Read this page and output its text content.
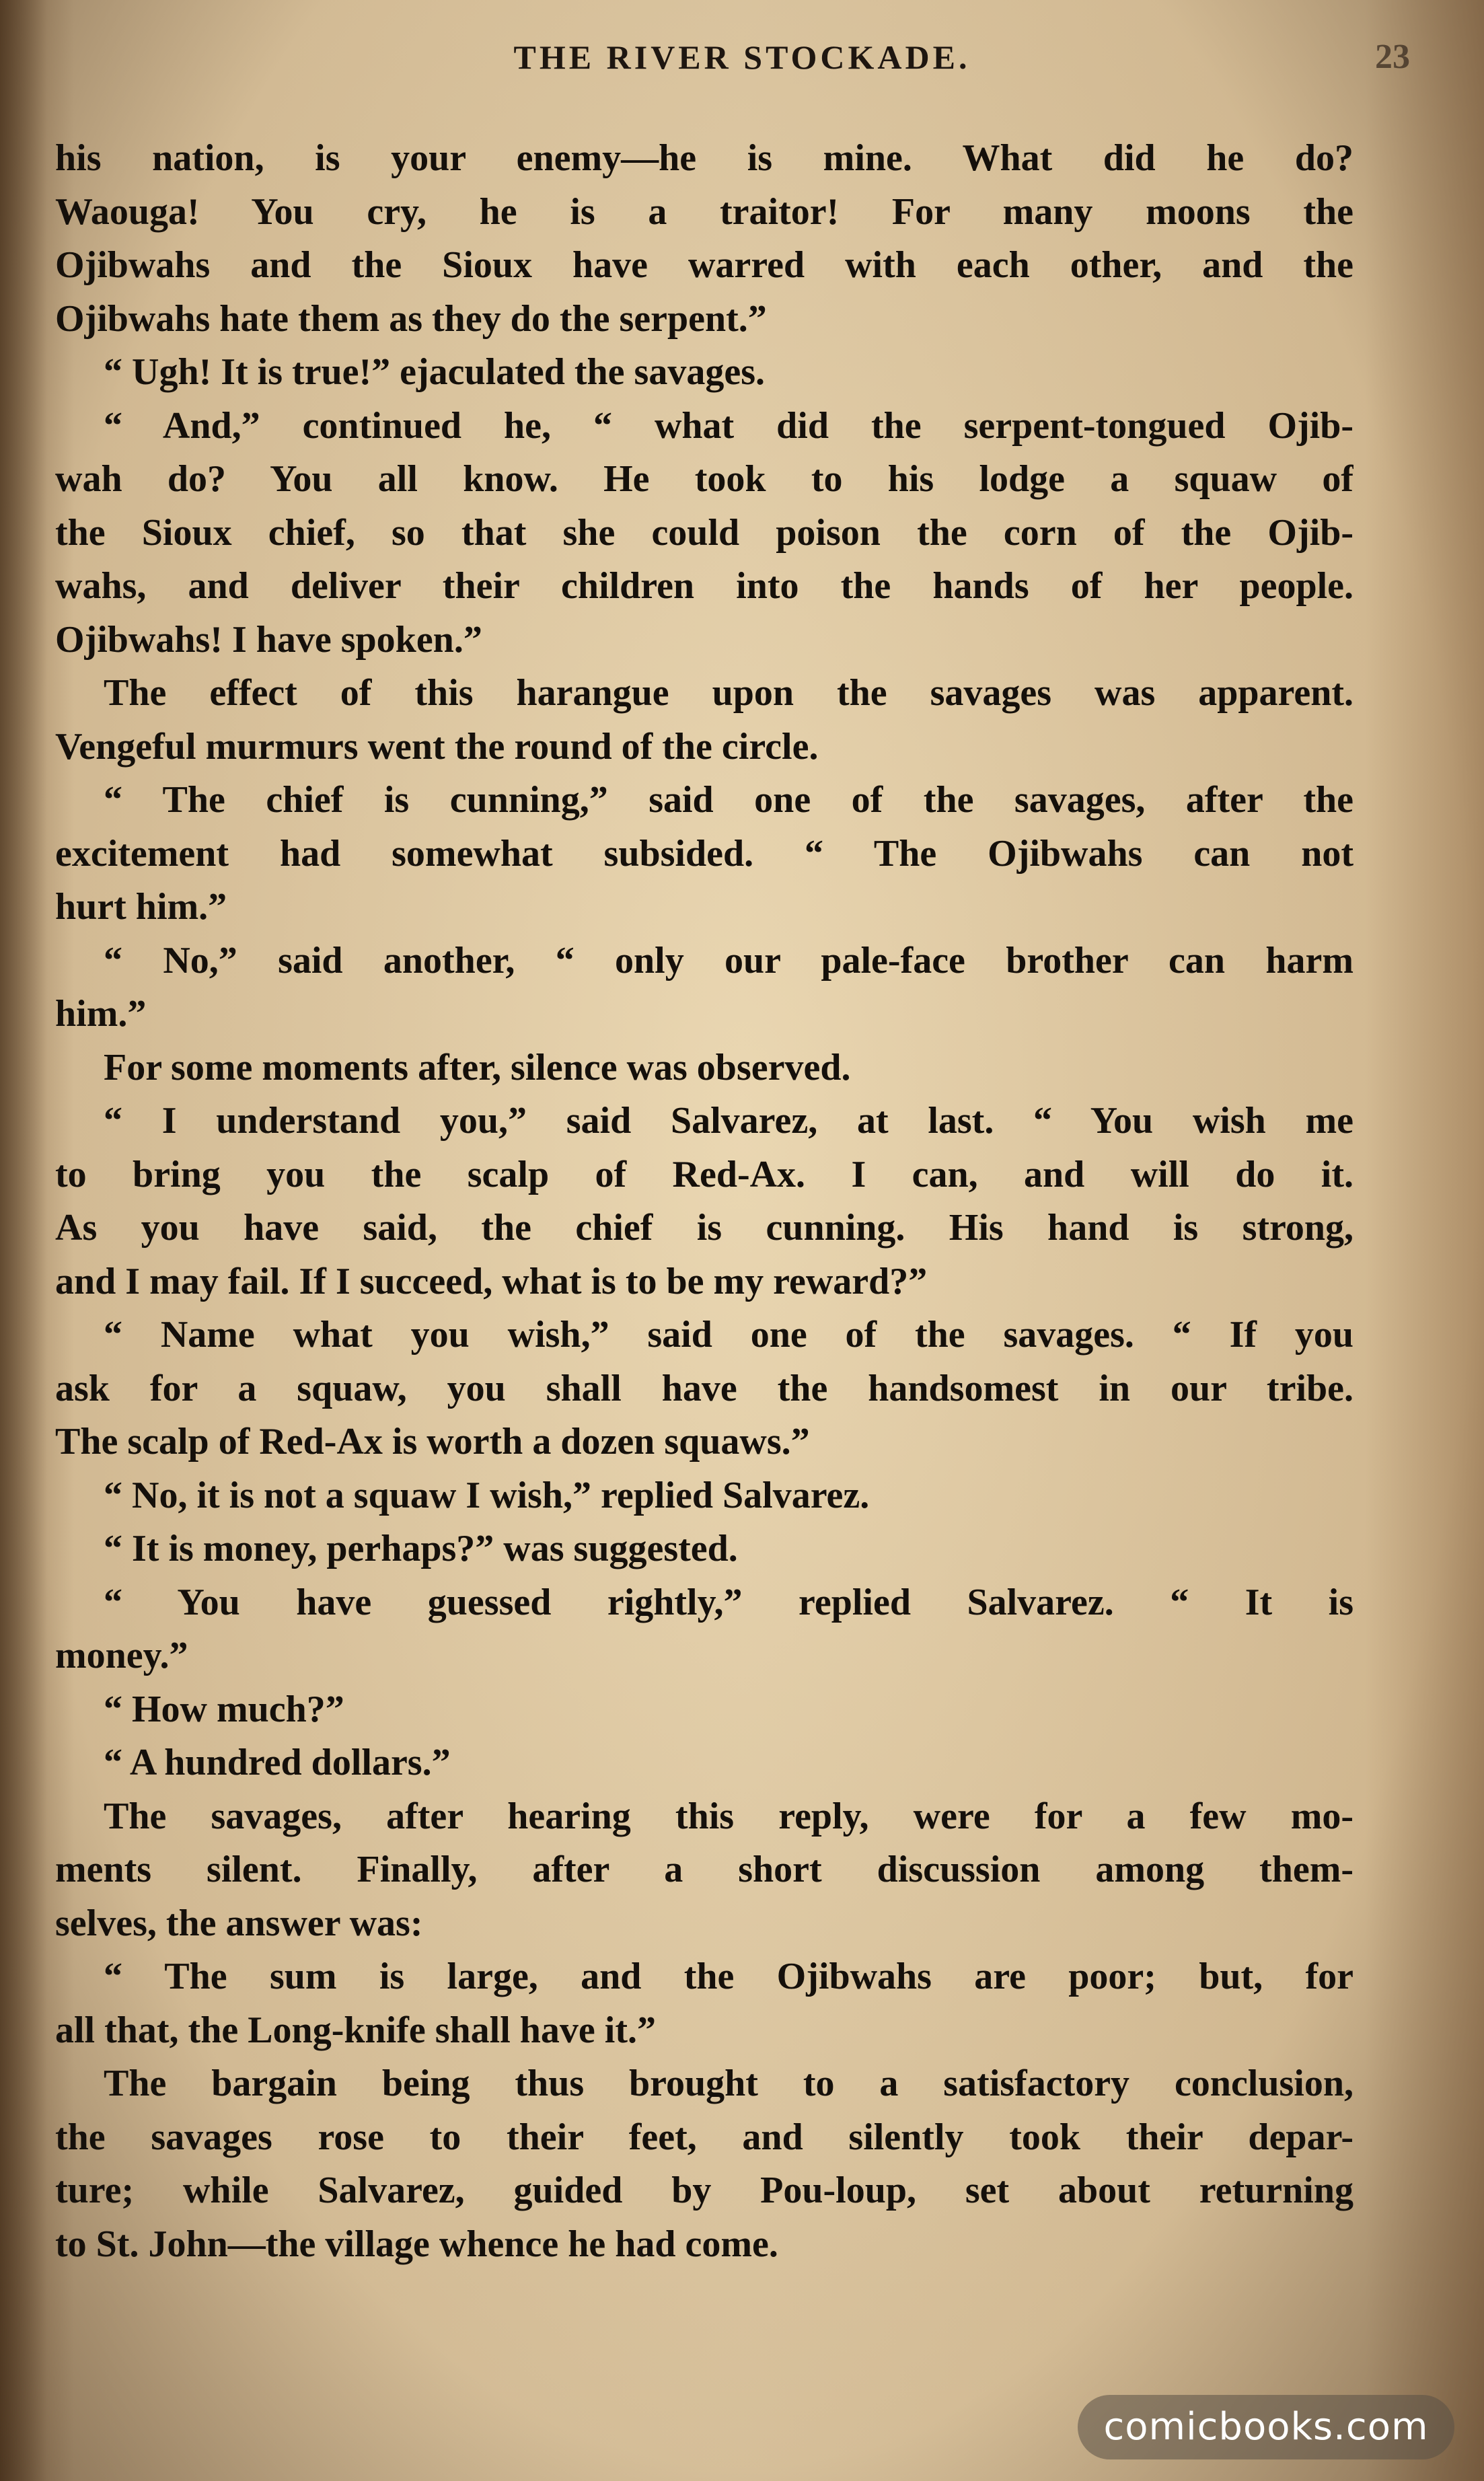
THE RIVER STOCKADE.	23
his nation, is your enemy—he is mine. What did he do?
Waouga! You cry, he is a traitor! For many moons the
Ojibwahs and the Sioux have warred with each other, and the
Ojibwahs hate them as they do the serpent.”
“ Ugh! It is true!” ejaculated the savages.
“ And,” continued he, “ what did the serpent-tongued Ojib-
wah do? You all know. He took to his lodge a squaw of
the Sioux chief, so that she could poison the corn of the Ojib-
wahs, and deliver their children into the hands of her people.
Ojibwahs! I have spoken.”
The effect of this harangue upon the savages was apparent.
Vengeful murmurs went the round of the circle.
“ The chief is cunning,” said one of the savages, after the
excitement had somewhat subsided. “ The Ojibwahs can not
hurt him.”
“ No,” said another, “ only our pale-face brother can harm
him.”
For some moments after, silence was observed.
“ I understand you,” said Salvarez, at last. “ You wish me
to bring you the scalp of Red-Ax. I can, and will do it.
As you have said, the chief is cunning. His hand is strong,
and I may fail. If I succeed, what is to be my reward?”
“ Name what you wish,” said one of the savages. “ If you
ask for a squaw, you shall have the handsomest in our tribe.
The scalp of Red-Ax is worth a dozen squaws.”
“ No, it is not a squaw I wish,” replied Salvarez.
“ It is money, perhaps?” was suggested.
“ You have guessed rightly,” replied Salvarez. “ It is
money.”
“ How much?”
“ A hundred dollars.”
The savages, after hearing this reply, were for a few mo-
ments silent. Finally, after a short discussion among them-
selves, the answer was:
“ The sum is large, and the Ojibwahs are poor; but, for
all that, the Long-knife shall have it.”
The bargain being thus brought to a satisfactory conclusion,
the savages rose to their feet, and silently took their depar-
ture; while Salvarez, guided by Pou-loup, set about returning
to St. John—the village whence he had come.
comicbooks.com
